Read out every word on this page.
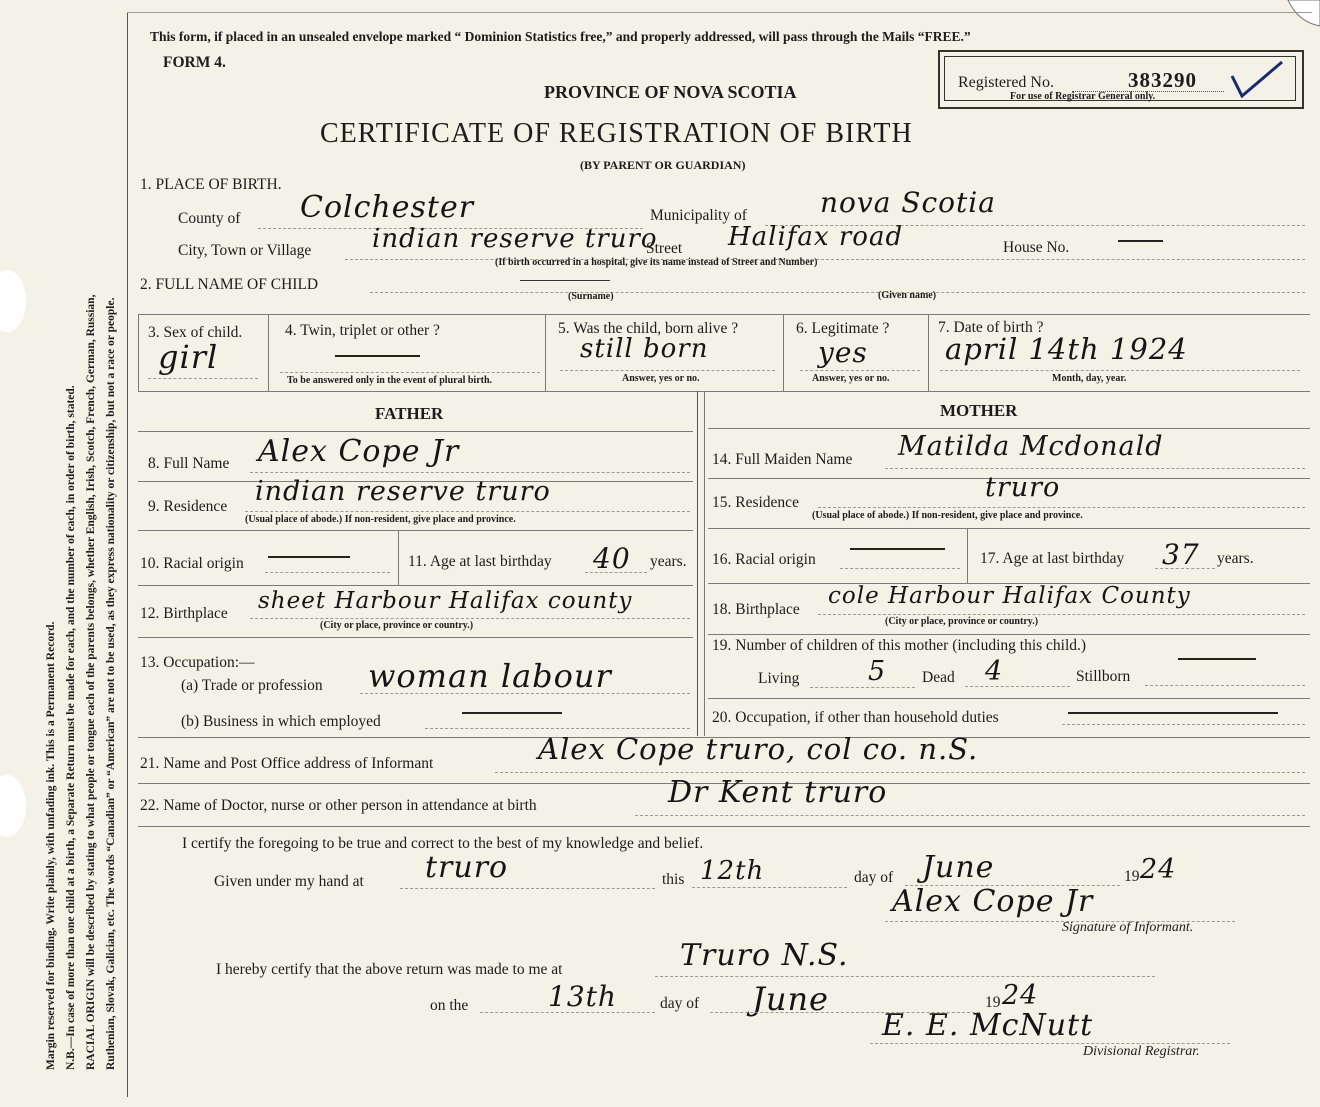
Margin reserved for binding. Write plainly, with unfading ink. This is a Permanent Record. N.B.—In case of more than one child at a birth, a Separate Return must be made for each, and the number of each, in order of birth, stated. RACIAL ORIGIN will be described by stating to what people or tongue each of the parents belongs, whether English, Irish, Scotch, French, German, Russian, Ruthenian, Slovak, Galician, etc. The words “Canadian” or “American” are not to be used, as they express nationality or citizenship, but not a race or people.
This form, if placed in an unsealed envelope marked “ Dominion Statistics free,” and properly addressed, will pass through the Mails “FREE.”
FORM 4.
PROVINCE OF NOVA SCOTIA
CERTIFICATE OF REGISTRATION OF BIRTH
(BY PARENT OR GUARDIAN)
Registered No.	383290
For use of Registrar General only.
1. PLACE OF BIRTH.
County of Colchester	Municipality of	nova Scotia
City, Town or Village indian reserve truro
Street Halifax road	House No.
(If birth occurred in a hospital, give its name instead of Street and Number)
2. FULL NAME OF CHILD
(Surname)	(Given name)
3. Sex of child.
girl
4. Twin, triplet or other ?
To be answered only in the event of plural birth.
5. Was the child, born alive ?
still born
Answer, yes or no.
6. Legitimate ?
yes
Answer, yes or no.
7. Date of birth ?
april 14th 1924
Month, day, year.
FATHER	MOTHER
8. Full Name Alex Cope Jr
9. Residence indian reserve truro
(Usual place of abode.) If non-resident, give place and province.
10. Racial origin	11. Age at last birthday 40 years.
12. Birthplace sheet Harbour Halifax county
(City or place, province or country.)
13. Occupation:—
(a) Trade or profession woman labour
(b) Business in which employed
14. Full Maiden Name Matilda Mcdonald
15. Residence	truro
(Usual place of abode.) If non-resident, give place and province.
16. Racial origin	17. Age at last birthday 37 years.
18. Birthplace
cole Harbour Halifax County
(City or place, province or country.)
19. Number of children of this mother (including this child.)
Living	5 Dead 4	Stillborn
20. Occupation, if other than household duties
21. Name and Post Office address of Informant	Alex Cope truro, col co. n.S.
22. Name of Doctor, nurse or other person in attendance at birth	Dr Kent truro
I certify the foregoing to be true and correct to the best of my knowledge and belief.
Given under my hand at truro	this 12th	day of June	19 24
Alex Cope Jr
Signature of Informant.
I hereby certify that the above return was made to me at	Truro N.S.
on the	13th	day of June	19 24
E. E. McNutt
Divisional Registrar.
